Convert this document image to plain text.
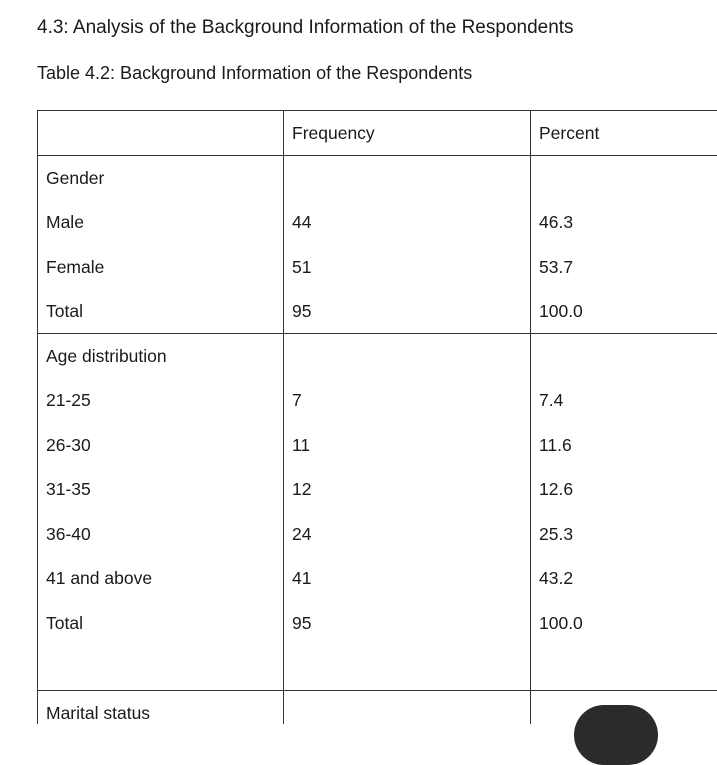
4.3: Analysis of the Background Information of the Respondents

Table 4.2: Background Information of the Respondents

	Frequency	Percent
Gender		
Male	44	46.3
Female	51	53.7
Total	95	100.0
Age distribution		
21-25	7	7.4
26-30	11	11.6
31-35	12	12.6
36-40	24	25.3
41 and above	41	43.2
Total	95	100.0

Marital status		
